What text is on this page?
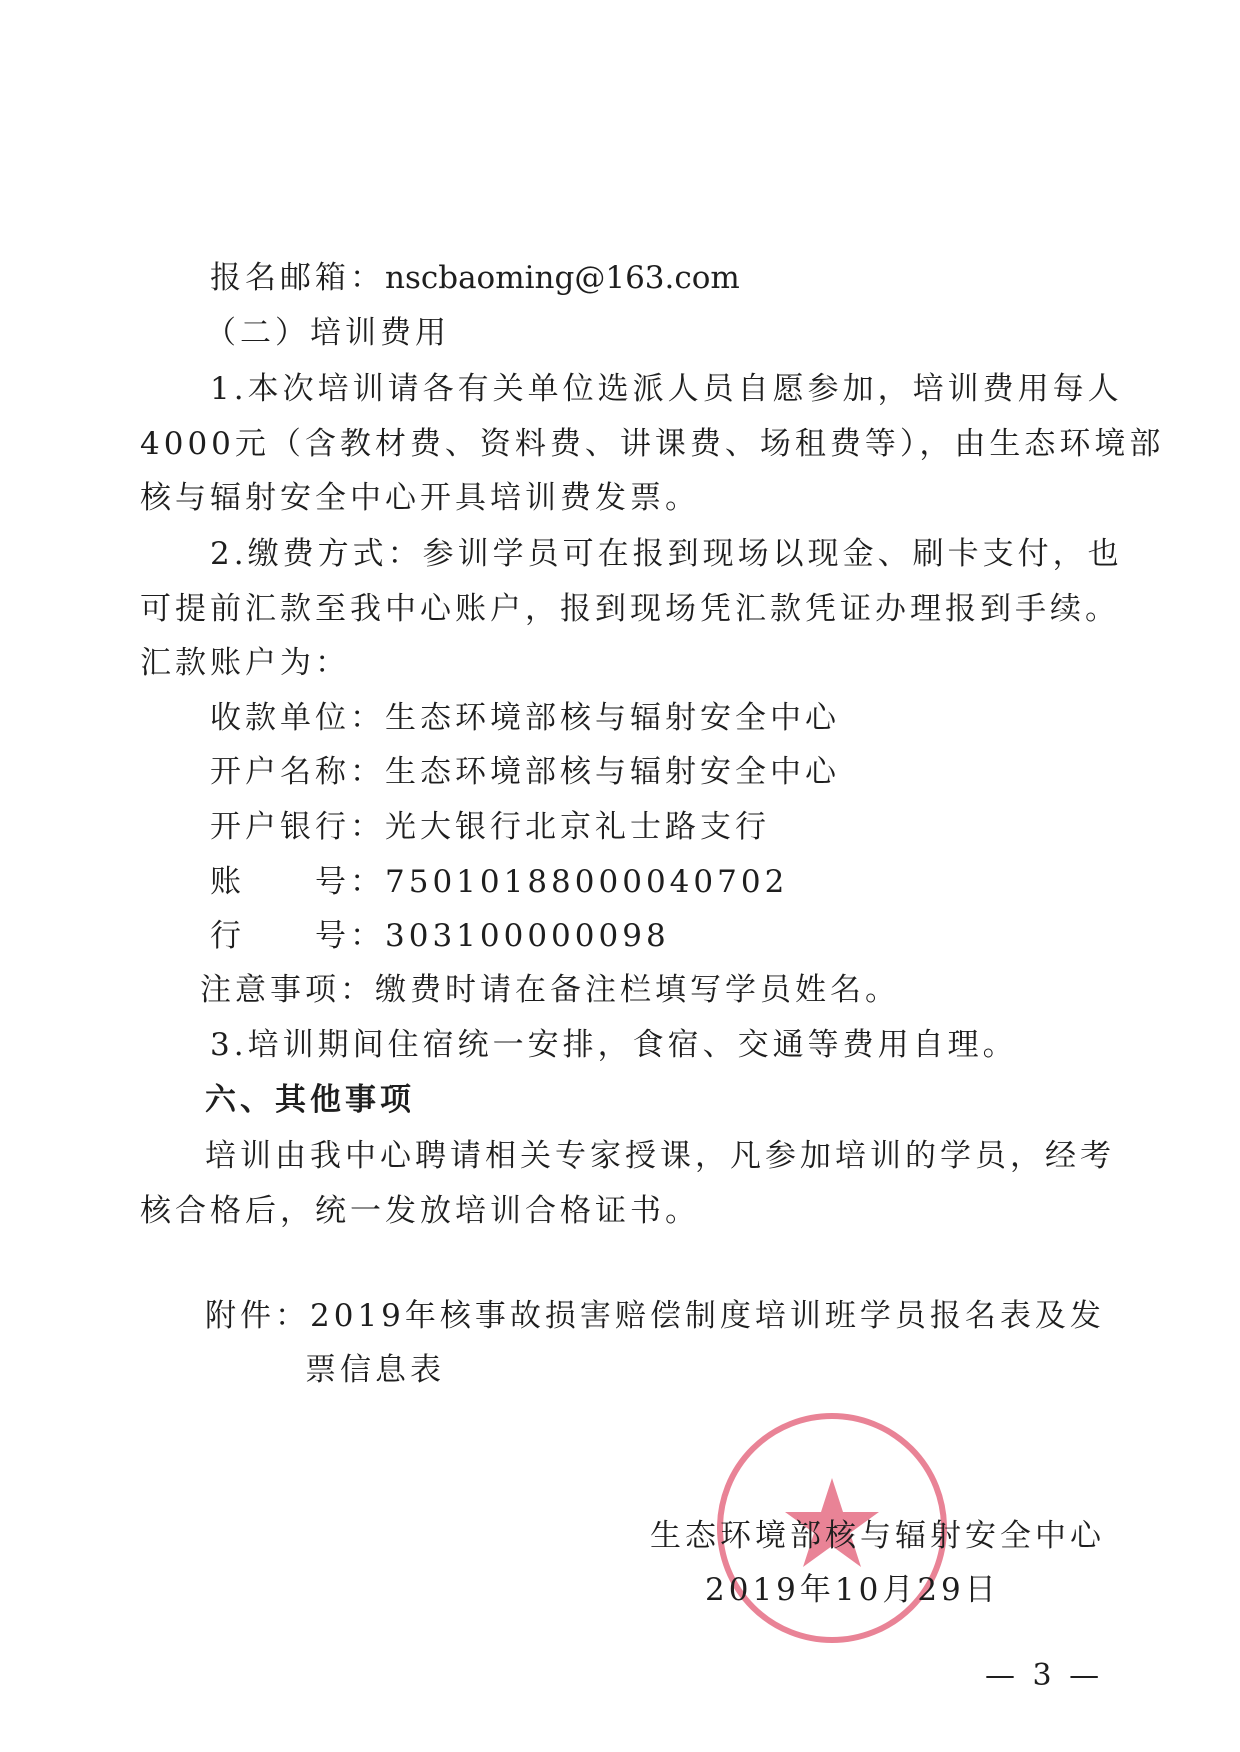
报名邮箱：nscbaoming@163.com
（二）培训费用
1.本次培训请各有关单位选派人员自愿参加，培训费用每人
4000元（含教材费、资料费、讲课费、场租费等），由生态环境部
核与辐射安全中心开具培训费发票。
2.缴费方式：参训学员可在报到现场以现金、刷卡支付，也
可提前汇款至我中心账户，报到现场凭汇款凭证办理报到手续。
汇款账户为：
收款单位：生态环境部核与辐射安全中心
开户名称：生态环境部核与辐射安全中心
开户银行：光大银行北京礼士路支行
账 号：75010188000040702
行 号：303100000098
注意事项：缴费时请在备注栏填写学员姓名。
3.培训期间住宿统一安排，食宿、交通等费用自理。
六、其他事项
培训由我中心聘请相关专家授课，凡参加培训的学员，经考
核合格后，统一发放培训合格证书。
附件：2019年核事故损害赔偿制度培训班学员报名表及发
票信息表
生态环境部核与辐射安全中心
2019年10月29日
— 3 —
